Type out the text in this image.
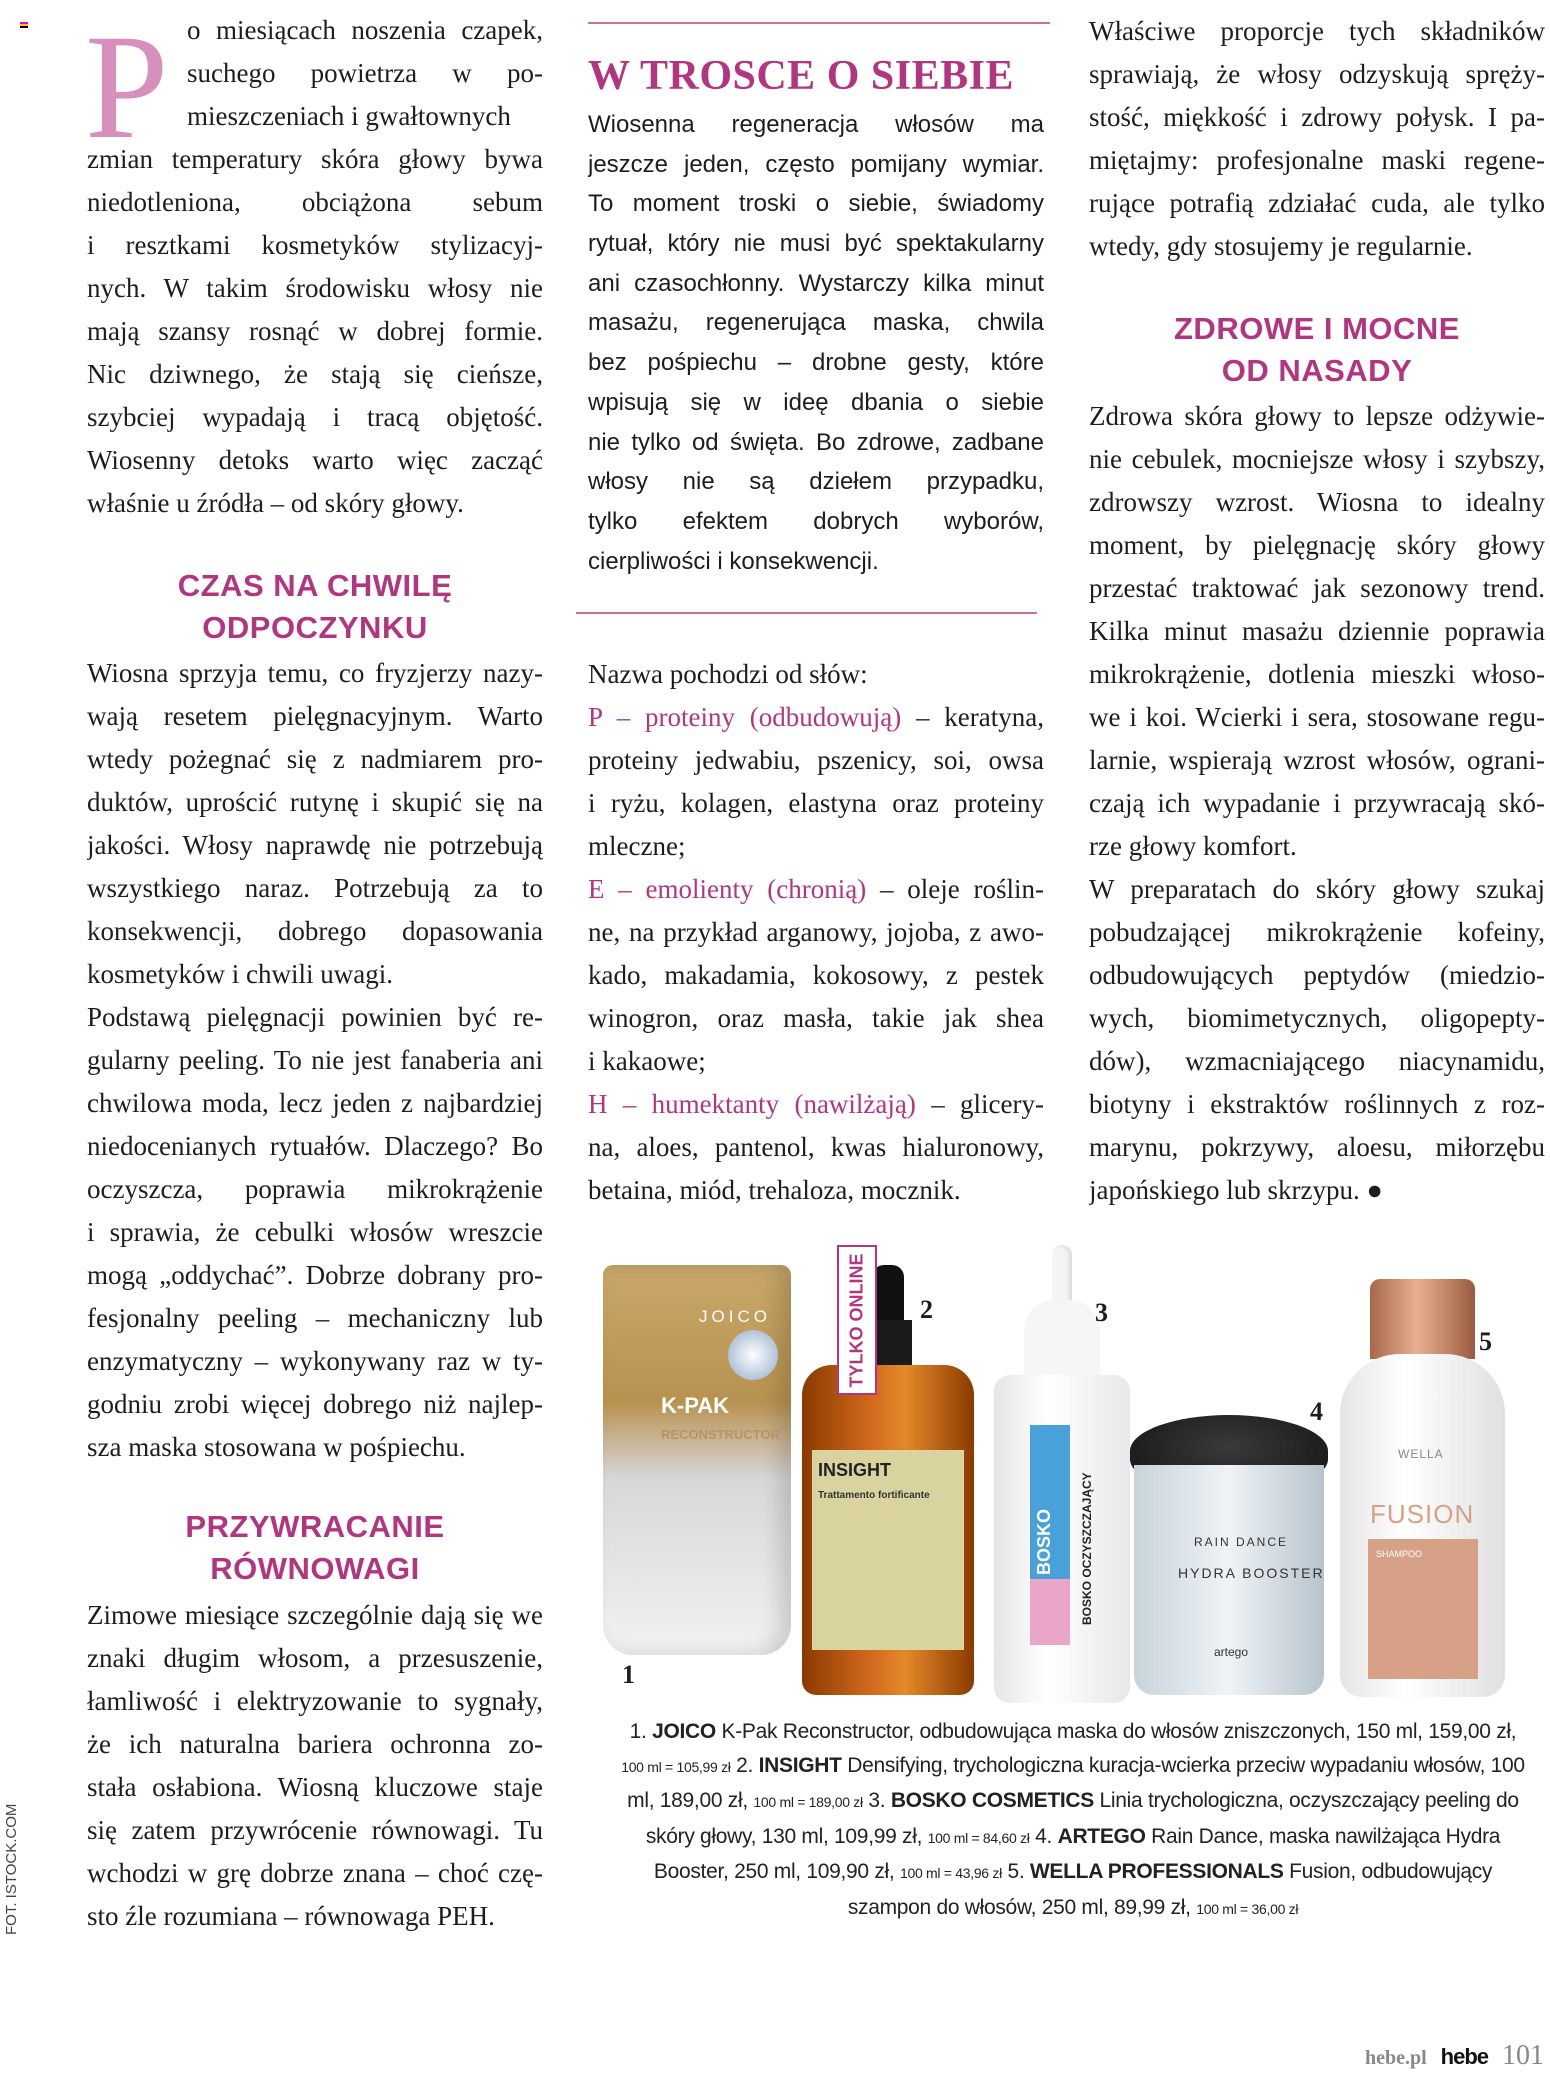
P o miesiącach noszenia czapek,
suchego powietrza w po-
mieszczeniach i gwałtownych
zmian temperatury skóra głowy bywa
niedotleniona, obciążona sebum
i resztkami kosmetyków stylizacyj-
nych. W takim środowisku włosy nie
mają szansy rosnąć w dobrej formie.
Nic dziwnego, że stają się cieńsze,
szybciej wypadają i tracą objętość.
Wiosenny detoks warto więc zacząć
właśnie u źródła – od skóry głowy.
CZAS NA CHWILĘ
ODPOCZYNKU
Wiosna sprzyja temu, co fryzjerzy nazy-
wają resetem pielęgnacyjnym. Warto
wtedy pożegnać się z nadmiarem pro-
duktów, uprościć rutynę i skupić się na
jakości. Włosy naprawdę nie potrzebują
wszystkiego naraz. Potrzebują za to
konsekwencji, dobrego dopasowania
kosmetyków i chwili uwagi.
Podstawą pielęgnacji powinien być re-
gularny peeling. To nie jest fanaberia ani
chwilowa moda, lecz jeden z najbardziej
niedocenianych rytuałów. Dlaczego? Bo
oczyszcza, poprawia mikrokrążenie
i sprawia, że cebulki włosów wreszcie
mogą „oddychać”. Dobrze dobrany pro-
fesjonalny peeling – mechaniczny lub
enzymatyczny – wykonywany raz w ty-
godniu zrobi więcej dobrego niż najlep-
sza maska stosowana w pośpiechu.
PRZYWRACANIE
RÓWNOWAGI
Zimowe miesiące szczególnie dają się we
znaki długim włosom, a przesuszenie,
łamliwość i elektryzowanie to sygnały,
że ich naturalna bariera ochronna zo-
stała osłabiona. Wiosną kluczowe staje
się zatem przywrócenie równowagi. Tu
wchodzi w grę dobrze znana – choć czę-
sto źle rozumiana – równowaga PEH.
W TROSCE O SIEBIE
Wiosenna regeneracja włosów ma
jeszcze jeden, często pomijany wymiar.
To moment troski o siebie, świadomy
rytuał, który nie musi być spektakularny
ani czasochłonny. Wystarczy kilka minut
masażu, regenerująca maska, chwila
bez pośpiechu – drobne gesty, które
wpisują się w ideę dbania o siebie
nie tylko od święta. Bo zdrowe, zadbane
włosy nie są dziełem przypadku,
tylko efektem dobrych wyborów,
cierpliwości i konsekwencji.
Nazwa pochodzi od słów:
P – proteiny (odbudowują) – keratyna,
proteiny jedwabiu, pszenicy, soi, owsa
i ryżu, kolagen, elastyna oraz proteiny
mleczne;
E – emolienty (chronią) – oleje roślin-
ne, na przykład arganowy, jojoba, z awo-
kado, makadamia, kokosowy, z pestek
winogron, oraz masła, takie jak shea
i kakaowe;
H – humektanty (nawilżają) – glicery-
na, aloes, pantenol, kwas hialuronowy,
betaina, miód, trehaloza, mocznik.
Właściwe proporcje tych składników
sprawiają, że włosy odzyskują spręży-
stość, miękkość i zdrowy połysk. I pa-
miętajmy: profesjonalne maski regene-
rujące potrafią zdziałać cuda, ale tylko
wtedy, gdy stosujemy je regularnie.
ZDROWE I MOCNE
OD NASADY
Zdrowa skóra głowy to lepsze odżywie-
nie cebulek, mocniejsze włosy i szybszy,
zdrowszy wzrost. Wiosna to idealny
moment, by pielęgnację skóry głowy
przestać traktować jak sezonowy trend.
Kilka minut masażu dziennie poprawia
mikrokrążenie, dotlenia mieszki włoso-
we i koi. Wcierki i sera, stosowane regu-
larnie, wspierają wzrost włosów, ograni-
czają ich wypadanie i przywracają skó-
rze głowy komfort.
W preparatach do skóry głowy szukaj
pobudzającej mikrokrążenie kofeiny,
odbudowujących peptydów (miedzio-
wych, biomimetycznych, oligopepty-
dów), wzmacniającego niacynamidu,
biotyny i ekstraktów roślinnych z roz-
marynu, pokrzywy, aloesu, miłorzębu
japońskiego lub skrzypu. ●
JOICO
K-PAK
RECONSTRUCTOR
1
INSIGHT
Trattamento fortificante
TYLKO ONLINE 2
BOSKO BOSKO OCZYSZCZAJĄCY
3
RAIN DANCE
HYDRA BOOSTER
artego
4
WELLA
FUSION
SHAMPOO
5
1. JOICO K-Pak Reconstructor, odbudowująca maska do włosów zniszczonych, 150 ml, 159,00 zł, 100 ml = 105,99 zł 2. INSIGHT Densifying, trychologiczna kuracja-wcierka przeciw wypadaniu włosów, 100 ml, 189,00 zł, 100 ml = 189,00 zł 3. BOSKO COSMETICS Linia trychologiczna, oczyszczający peeling do skóry głowy, 130 ml, 109,99 zł, 100 ml = 84,60 zł 4. ARTEGO Rain Dance, maska nawilżająca Hydra Booster, 250 ml, 109,90 zł, 100 ml = 43,96 zł 5. WELLA PROFESSIONALS Fusion, odbudowujący szampon do włosów, 250 ml, 89,99 zł, 100 ml = 36,00 zł
FOT. ISTOCK.COM
hebe.pl hebe 101
